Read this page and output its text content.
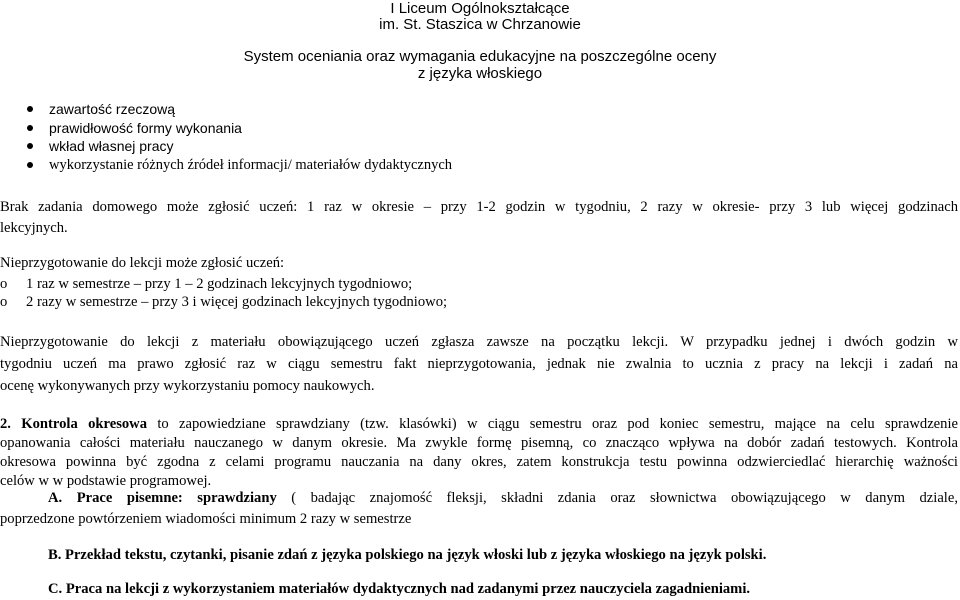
I Liceum Ogólnokształcące
im. St. Staszica w Chrzanowie
System oceniania oraz wymagania edukacyjne na poszczególne oceny
z języka włoskiego
zawartość rzeczową
prawidłowość formy wykonania
wkład własnej pracy
wykorzystanie różnych źródeł informacji/ materiałów dydaktycznych
Brak zadania domowego może zgłosić uczeń: 1 raz w okresie – przy 1-2 godzin w tygodniu, 2 razy w okresie- przy 3 lub więcej godzinach
lekcyjnych.
Nieprzygotowanie do lekcji może zgłosić uczeń:
o 1 raz w semestrze – przy 1 – 2 godzinach lekcyjnych tygodniowo;
o 2 razy w semestrze – przy 3 i więcej godzinach lekcyjnych tygodniowo;
Nieprzygotowanie do lekcji z materiału obowiązującego uczeń zgłasza zawsze na początku lekcji. W przypadku jednej i dwóch godzin w
tygodniu uczeń ma prawo zgłosić raz w ciągu semestru fakt nieprzygotowania, jednak nie zwalnia to ucznia z pracy na lekcji i zadań na
ocenę wykonywanych przy wykorzystaniu pomocy naukowych.
2. Kontrola okresowa to zapowiedziane sprawdziany (tzw. klasówki) w ciągu semestru oraz pod koniec semestru, mające na celu sprawdzenie
opanowania całości materiału nauczanego w danym okresie. Ma zwykle formę pisemną, co znacząco wpływa na dobór zadań testowych. Kontrola
okresowa powinna być zgodna z celami programu nauczania na dany okres, zatem konstrukcja testu powinna odzwierciedlać hierarchię ważności
celów w w podstawie programowej.
A. Prace pisemne: sprawdziany ( badając znajomość fleksji, składni zdania oraz słownictwa obowiązującego w danym dziale,
poprzedzone powtórzeniem wiadomości minimum 2 razy w semestrze
B. Przekład tekstu, czytanki, pisanie zdań z języka polskiego na język włoski lub z języka włoskiego na język polski.
C. Praca na lekcji z wykorzystaniem materiałów dydaktycznych nad zadanymi przez nauczyciela zagadnieniami.
